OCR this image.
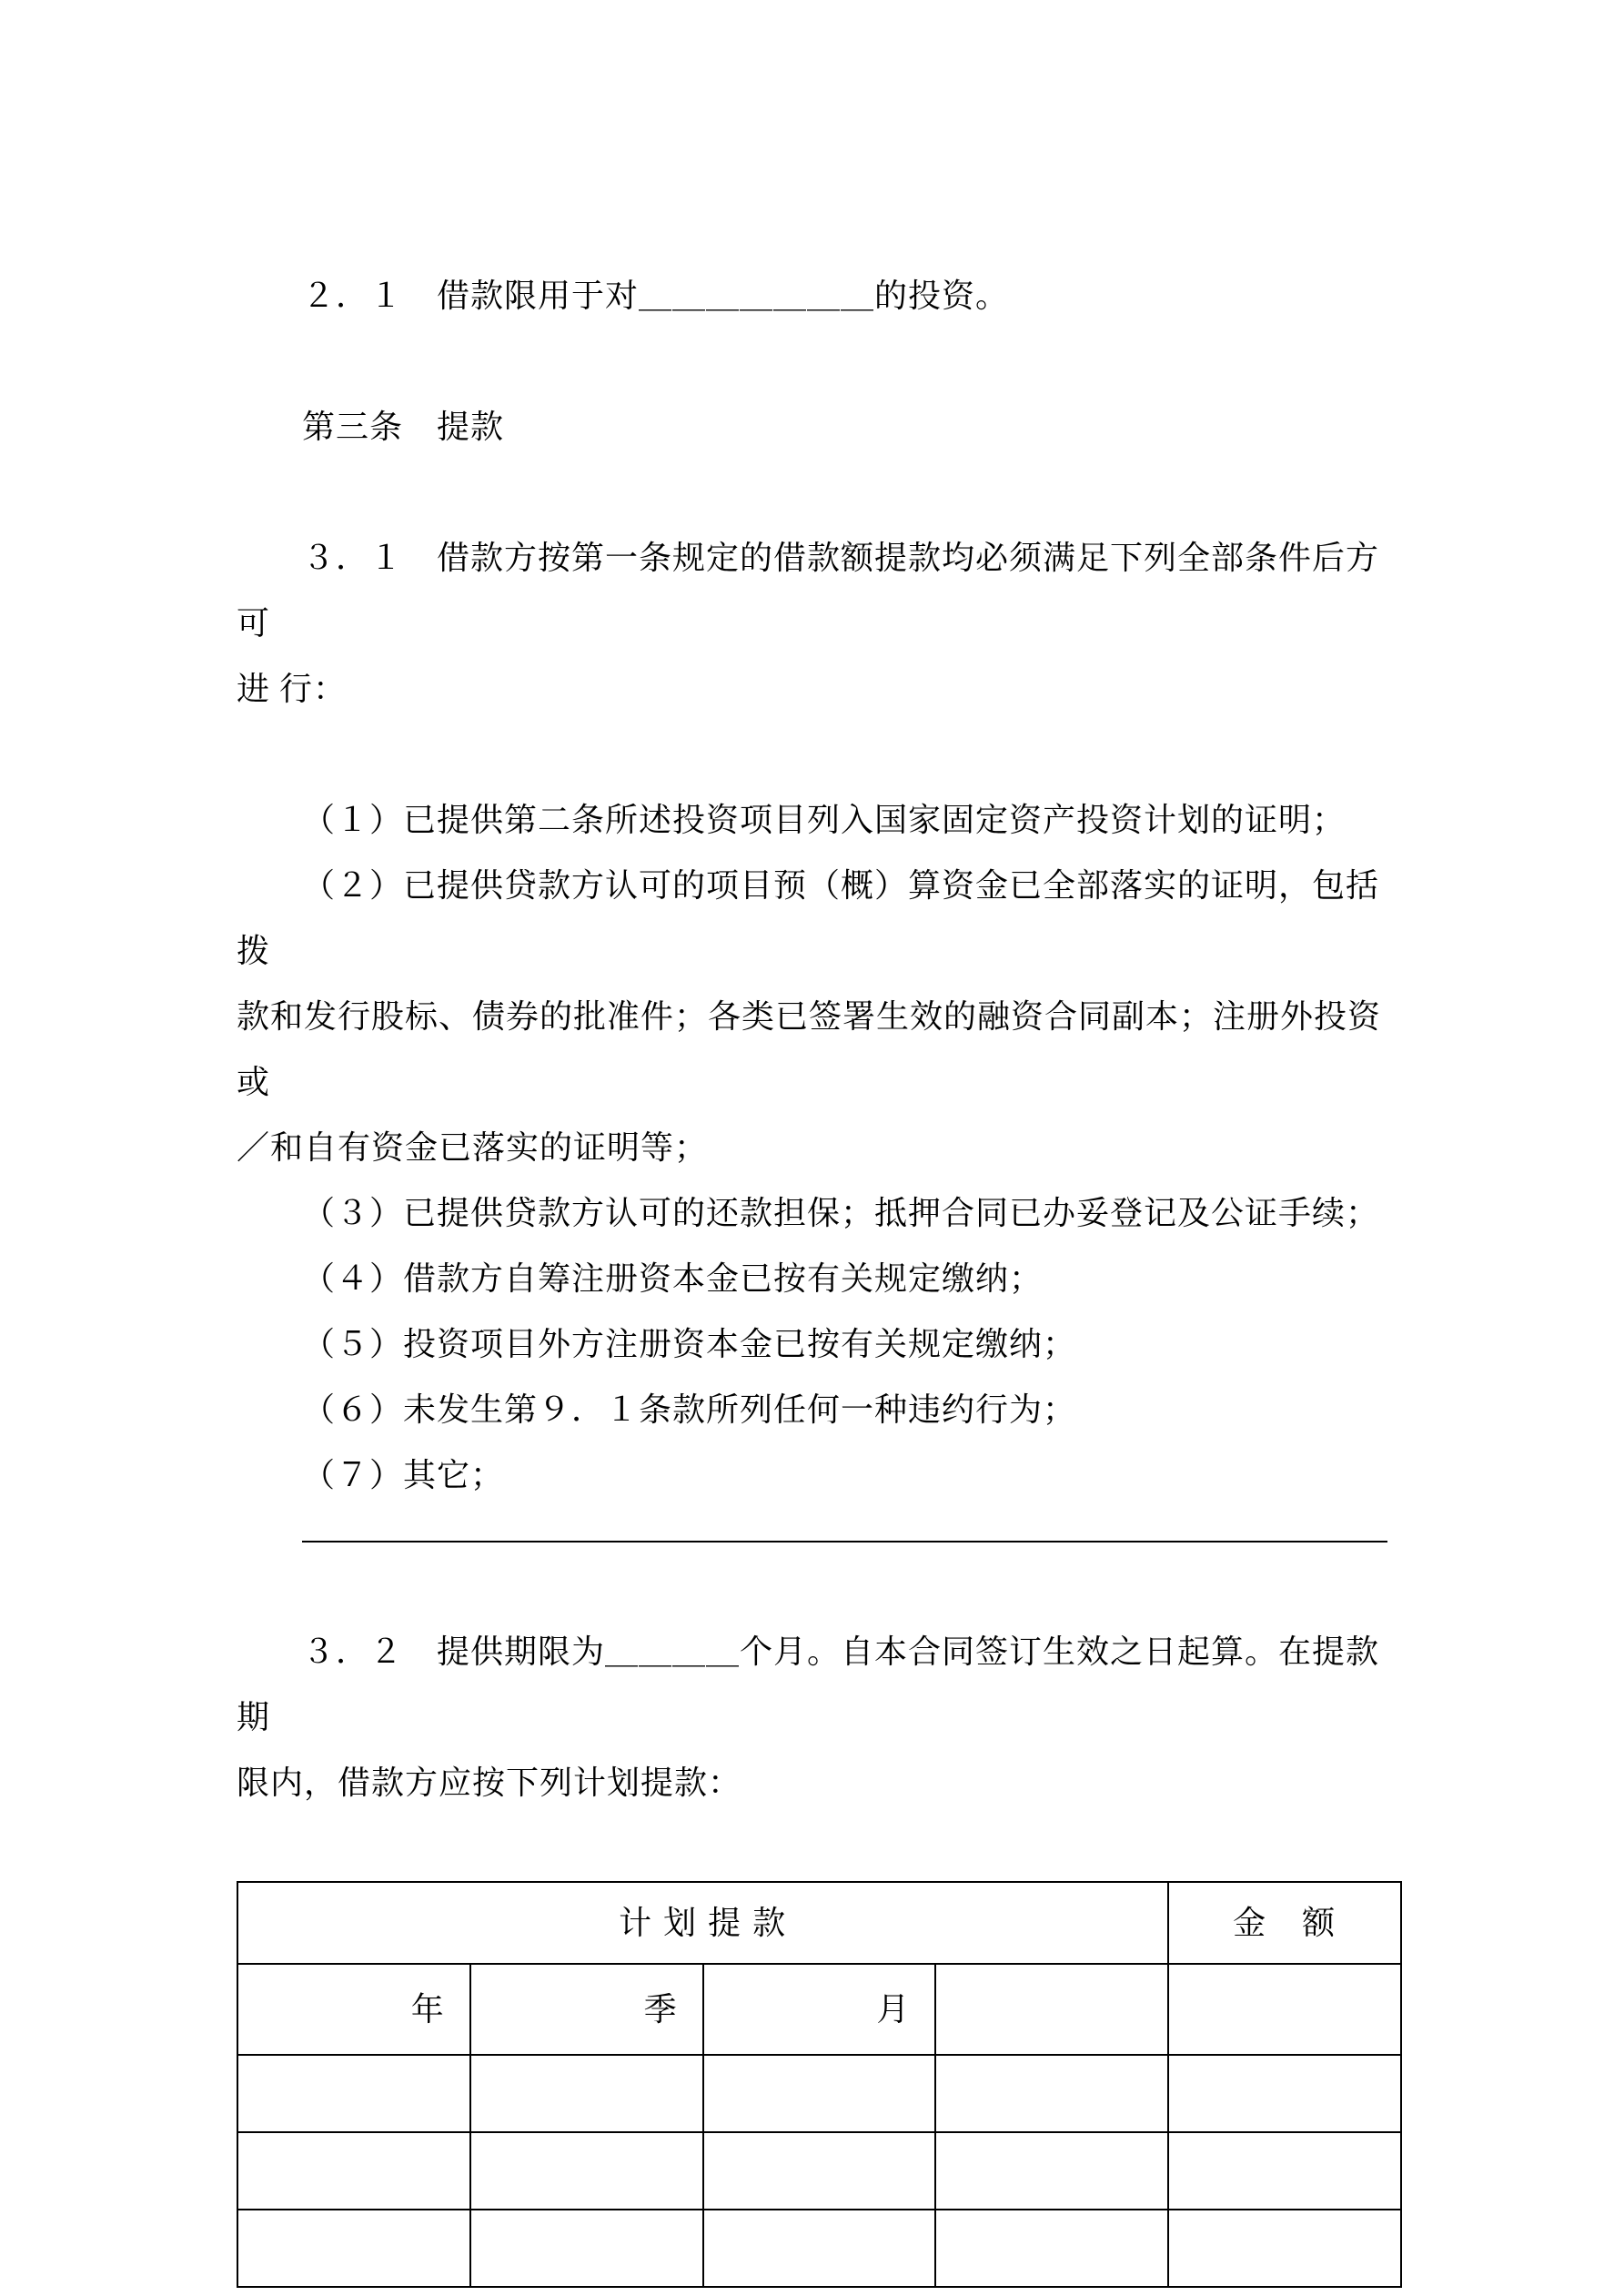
２．１　借款限用于对＿＿＿＿＿＿＿的投资。

第三条　提款

３．１　借款方按第一条规定的借款额提款均必须满足下列全部条件后方可
进 行：

（１）已提供第二条所述投资项目列入国家固定资产投资计划的证明；

（２）已提供贷款方认可的项目预（概）算资金已全部落实的证明，包括拨
款和发行股标、债券的批准件；各类已签署生效的融资合同副本；注册外投资或
／和自有资金已落实的证明等；

（３）已提供贷款方认可的还款担保；抵押合同已办妥登记及公证手续；

（４）借款方自筹注册资本金已按有关规定缴纳；

（５）投资项目外方注册资本金已按有关规定缴纳；

（６）未发生第９．１条款所列任何一种违约行为；

（７）其它；

３．２　提供期限为＿＿＿＿个月。自本合同签订生效之日起算。在提款期
限内，借款方应按下列计划提款：

计 划 提 款				金　额
年	季	月		
